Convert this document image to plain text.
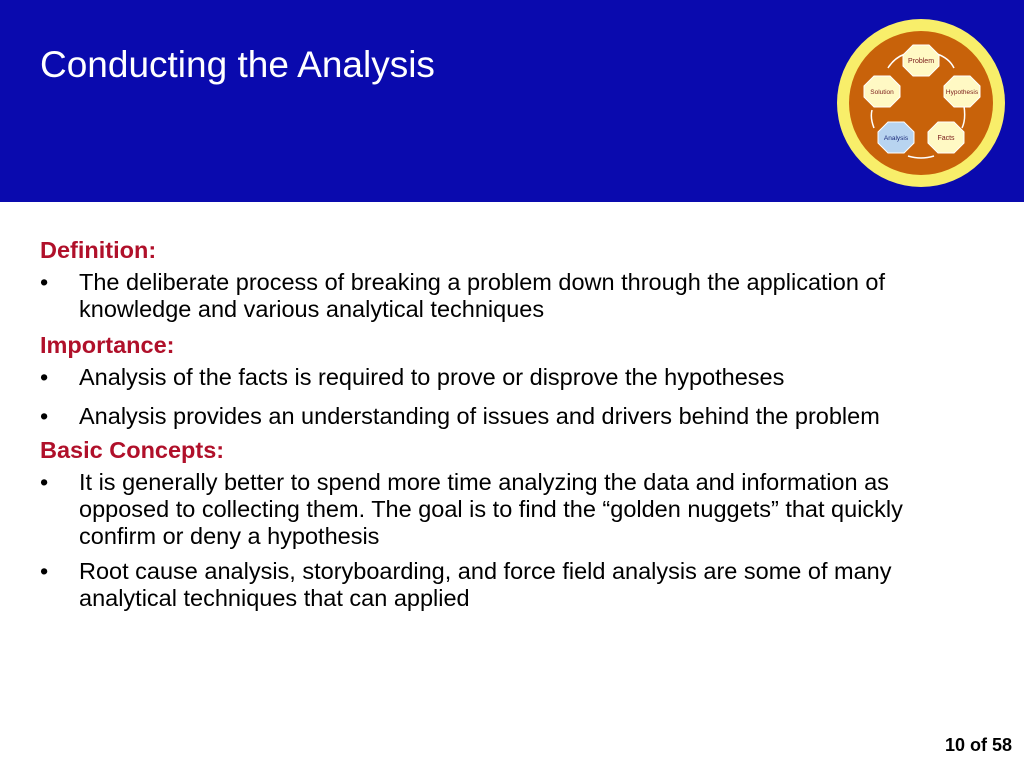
Conducting the Analysis	Problem
Hypothesis
Facts
Analysis
Solution

Definition:

• The deliberate process of breaking a problem down through the application of knowledge and various analytical techniques

Importance:

• Analysis of the facts is required to prove or disprove the hypotheses
• Analysis provides an understanding of issues and drivers behind the problem

Basic Concepts:

• It is generally better to spend more time analyzing the data and information as opposed to collecting them. The goal is to find the “golden nuggets” that quickly confirm or deny a hypothesis
• Root cause analysis, storyboarding, and force field analysis are some of many analytical techniques that can applied
10 of 58
